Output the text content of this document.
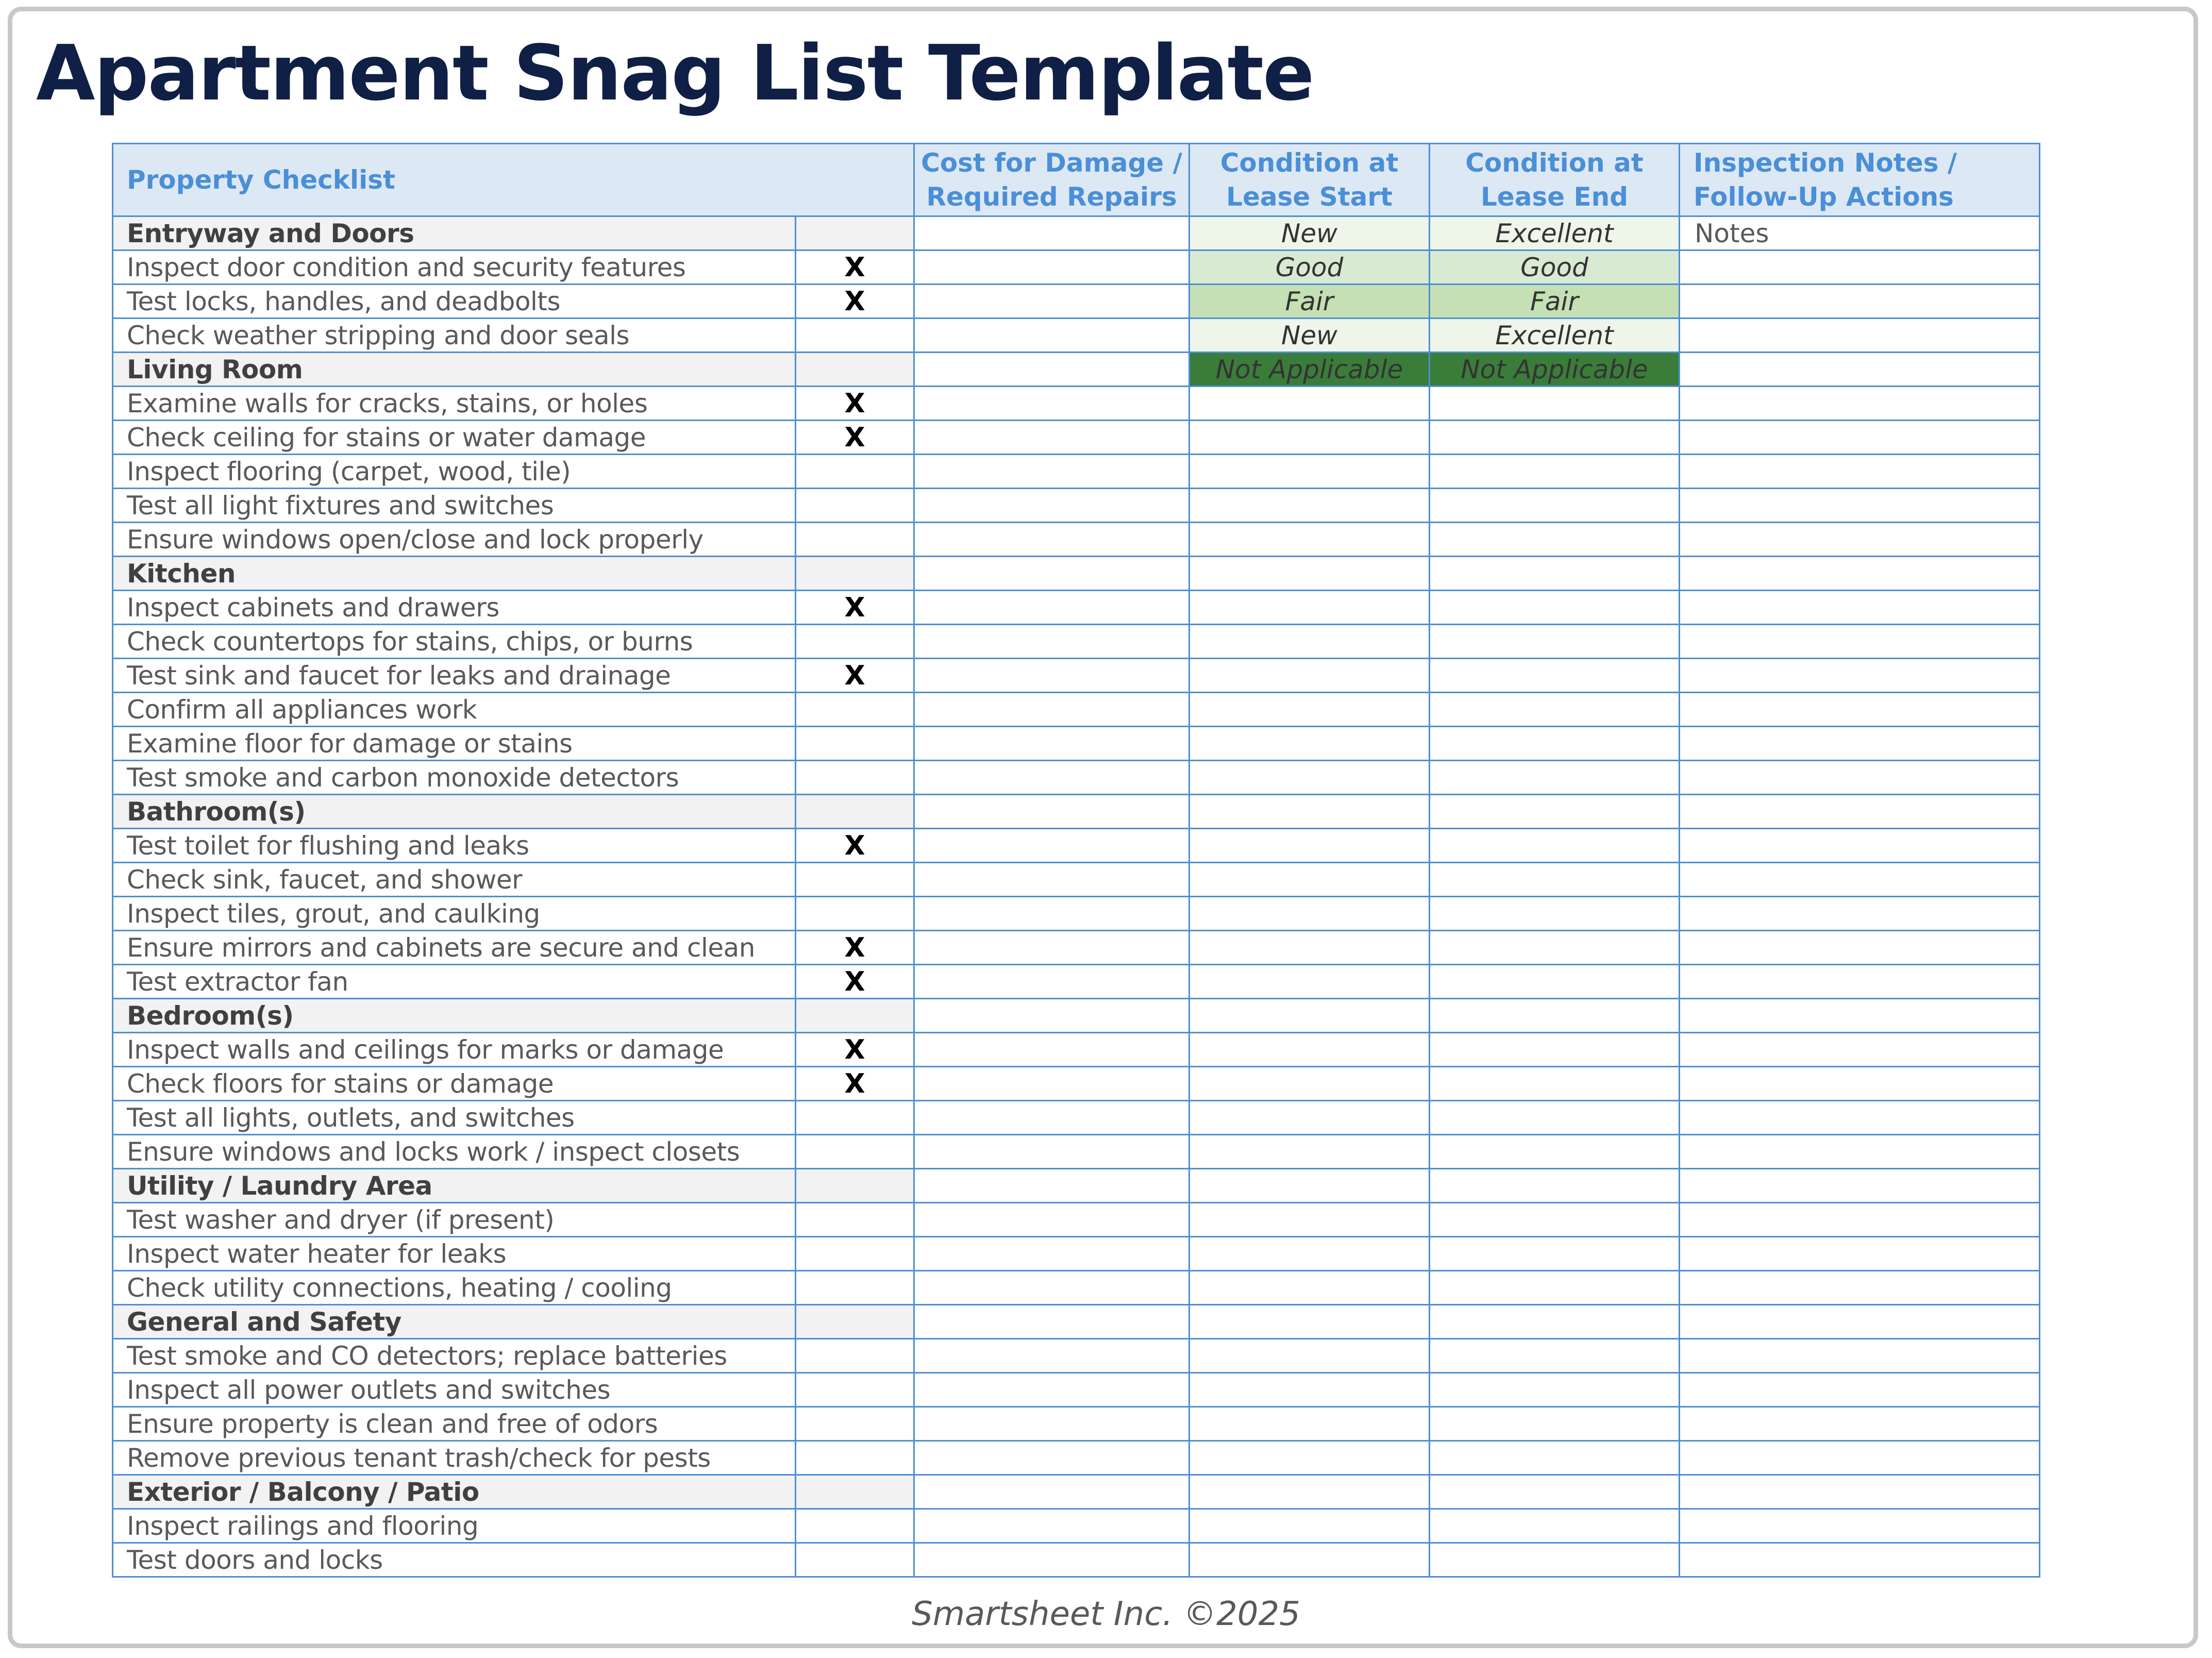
Apartment Snag List Template
Property Checklist		Cost for Damage / Required Repairs	Condition at Lease Start	Condition at Lease End	Inspection Notes / Follow-Up Actions
Entryway and Doors			New	Excellent	Notes
Inspect door condition and security features	X		Good	Good	
Test locks, handles, and deadbolts	X		Fair	Fair	
Check weather stripping and door seals			New	Excellent	
Living Room			Not Applicable	Not Applicable	
Examine walls for cracks, stains, or holes	X				
Check ceiling for stains or water damage	X				
Inspect flooring (carpet, wood, tile)					
Test all light fixtures and switches					
Ensure windows open/close and lock properly					
Kitchen					
Inspect cabinets and drawers	X				
Check countertops for stains, chips, or burns					
Test sink and faucet for leaks and drainage	X				
Confirm all appliances work					
Examine floor for damage or stains					
Test smoke and carbon monoxide detectors					
Bathroom(s)					
Test toilet for flushing and leaks	X				
Check sink, faucet, and shower					
Inspect tiles, grout, and caulking					
Ensure mirrors and cabinets are secure and clean	X				
Test extractor fan	X				
Bedroom(s)					
Inspect walls and ceilings for marks or damage	X				
Check floors for stains or damage	X				
Test all lights, outlets, and switches					
Ensure windows and locks work / inspect closets					
Utility / Laundry Area					
Test washer and dryer (if present)					
Inspect water heater for leaks					
Check utility connections, heating / cooling					
General and Safety					
Test smoke and CO detectors; replace batteries					
Inspect all power outlets and switches					
Ensure property is clean and free of odors					
Remove previous tenant trash/check for pests					
Exterior / Balcony / Patio					
Inspect railings and flooring					
Test doors and locks					
Smartsheet Inc. ©2025
